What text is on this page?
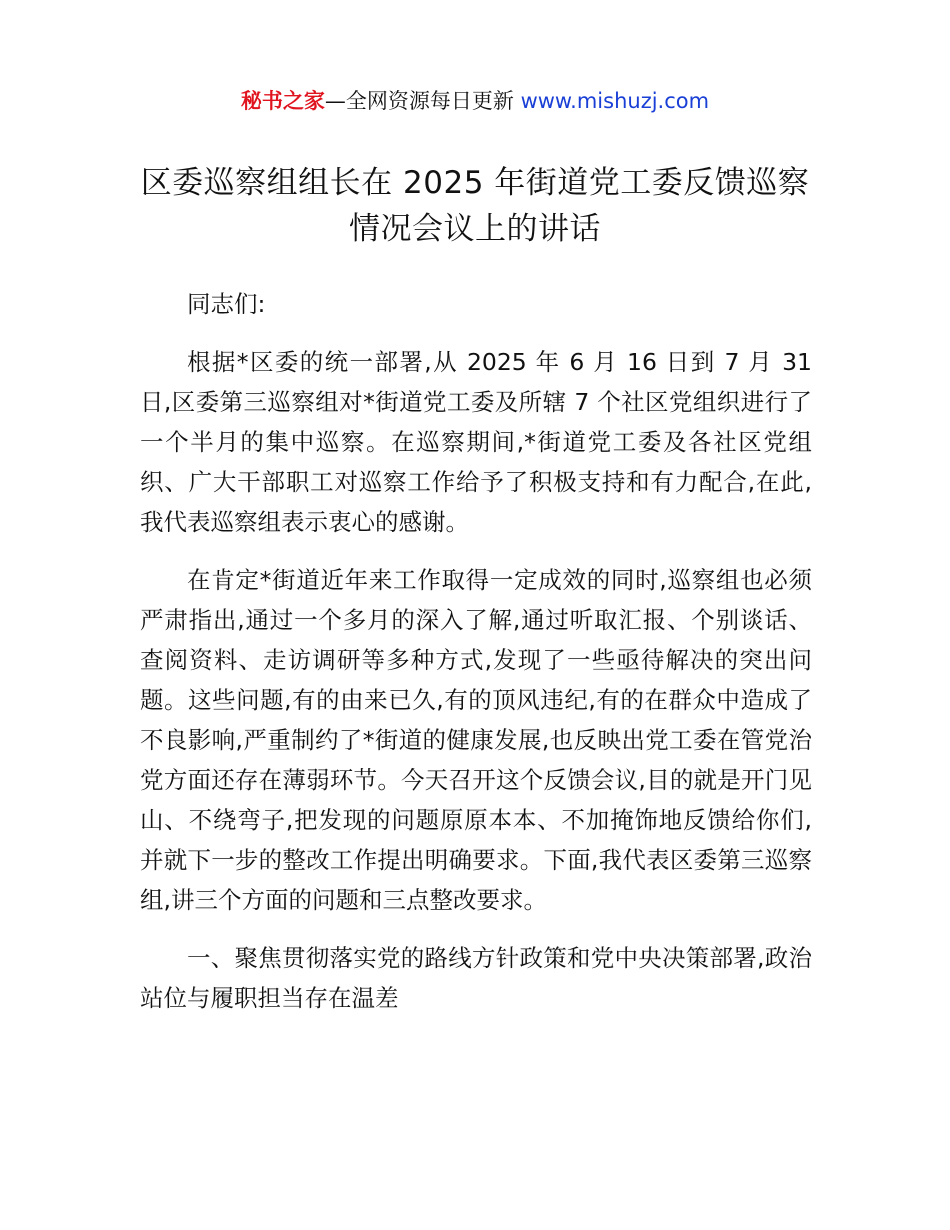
秘书之家—全网资源每日更新 www.mishuzj.com
区委巡察组组长在 2025 年街道党工委反馈巡察
情况会议上的讲话

同志们:

根据*区委的统一部署,从 2025 年 6 月 16 日到 7 月 31 日,区委第三巡察组对*街道党工委及所辖 7 个社区党组织进行了一个半月的集中巡察。在巡察期间,*街道党工委及各社区党组织、广大干部职工对巡察工作给予了积极支持和有力配合,在此,我代表巡察组表示衷心的感谢。

在肯定*街道近年来工作取得一定成效的同时,巡察组也必须严肃指出,通过一个多月的深入了解,通过听取汇报、个别谈话、查阅资料、走访调研等多种方式,发现了一些亟待解决的突出问题。这些问题,有的由来已久,有的顶风违纪,有的在群众中造成了不良影响,严重制约了*街道的健康发展,也反映出党工委在管党治党方面还存在薄弱环节。今天召开这个反馈会议,目的就是开门见山、不绕弯子,把发现的问题原原本本、不加掩饰地反馈给你们,并就下一步的整改工作提出明确要求。下面,我代表区委第三巡察组,讲三个方面的问题和三点整改要求。

一、聚焦贯彻落实党的路线方针政策和党中央决策部署,政治站位与履职担当存在温差
